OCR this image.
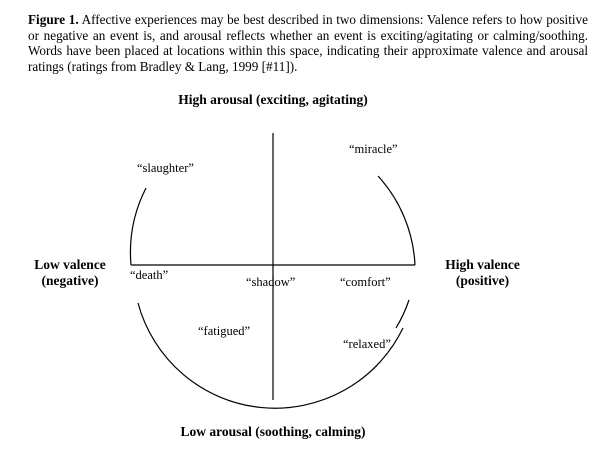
Figure 1. Affective experiences may be best described in two dimensions: Valence refers to how positive or negative an event is, and arousal reflects whether an event is exciting/agitating or calming/soothing. Words have been placed at locations within this space, indicating their approximate valence and arousal ratings (ratings from Bradley & Lang, 1999 [#11]).
High arousal (exciting, agitating)
Low arousal (soothing, calming)
Low valence
(negative)
High valence
(positive)
“slaughter”
“miracle”
“death”	“shadow”	“comfort”
“fatigued”
“relaxed”
